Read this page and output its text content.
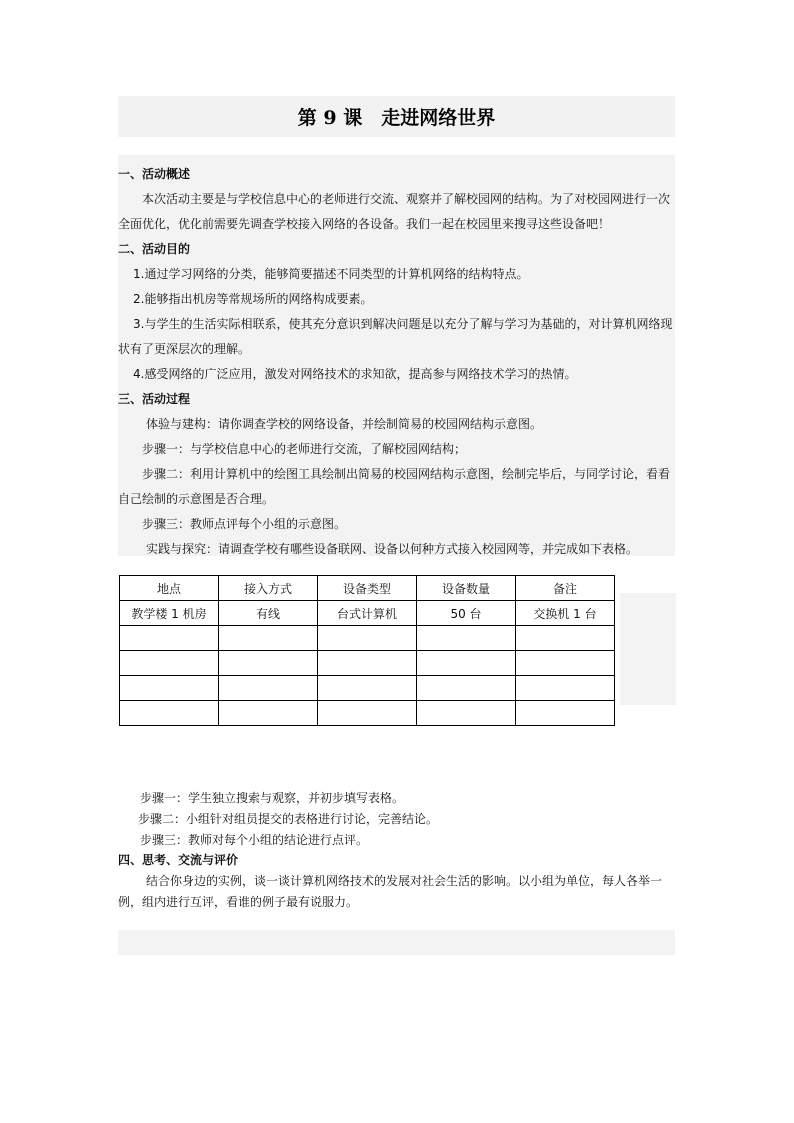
第 9 课　走进网络世界
一、活动概述
本次活动主要是与学校信息中心的老师进行交流、观察并了解校园网的结构。为了对校园网进行一次全面优化，优化前需要先调查学校接入网络的各设备。我们一起在校园里来搜寻这些设备吧！
二、活动目的
1.通过学习网络的分类，能够简要描述不同类型的计算机网络的结构特点。
2.能够指出机房等常规场所的网络构成要素。
3.与学生的生活实际相联系，使其充分意识到解决问题是以充分了解与学习为基础的，对计算机网络现状有了更深层次的理解。
4.感受网络的广泛应用，激发对网络技术的求知欲，提高参与网络技术学习的热情。
三、活动过程
体验与建构：请你调查学校的网络设备，并绘制简易的校园网结构示意图。
步骤一：与学校信息中心的老师进行交流，了解校园网结构；
步骤二：利用计算机中的绘图工具绘制出简易的校园网结构示意图，绘制完毕后，与同学讨论，看看自己绘制的示意图是否合理。
步骤三：教师点评每个小组的示意图。
实践与探究：请调查学校有哪些设备联网、设备以何种方式接入校园网等，并完成如下表格。
地点	接入方式	设备类型	设备数量	备注
教学楼 1 机房	有线	台式计算机	50 台	交换机 1 台

步骤一：学生独立搜索与观察，并初步填写表格。
步骤二：小组针对组员提交的表格进行讨论，完善结论。
步骤三：教师对每个小组的结论进行点评。
四、思考、交流与评价
结合你身边的实例，谈一谈计算机网络技术的发展对社会生活的影响。以小组为单位，每人各举一例，组内进行互评，看谁的例子最有说服力。
